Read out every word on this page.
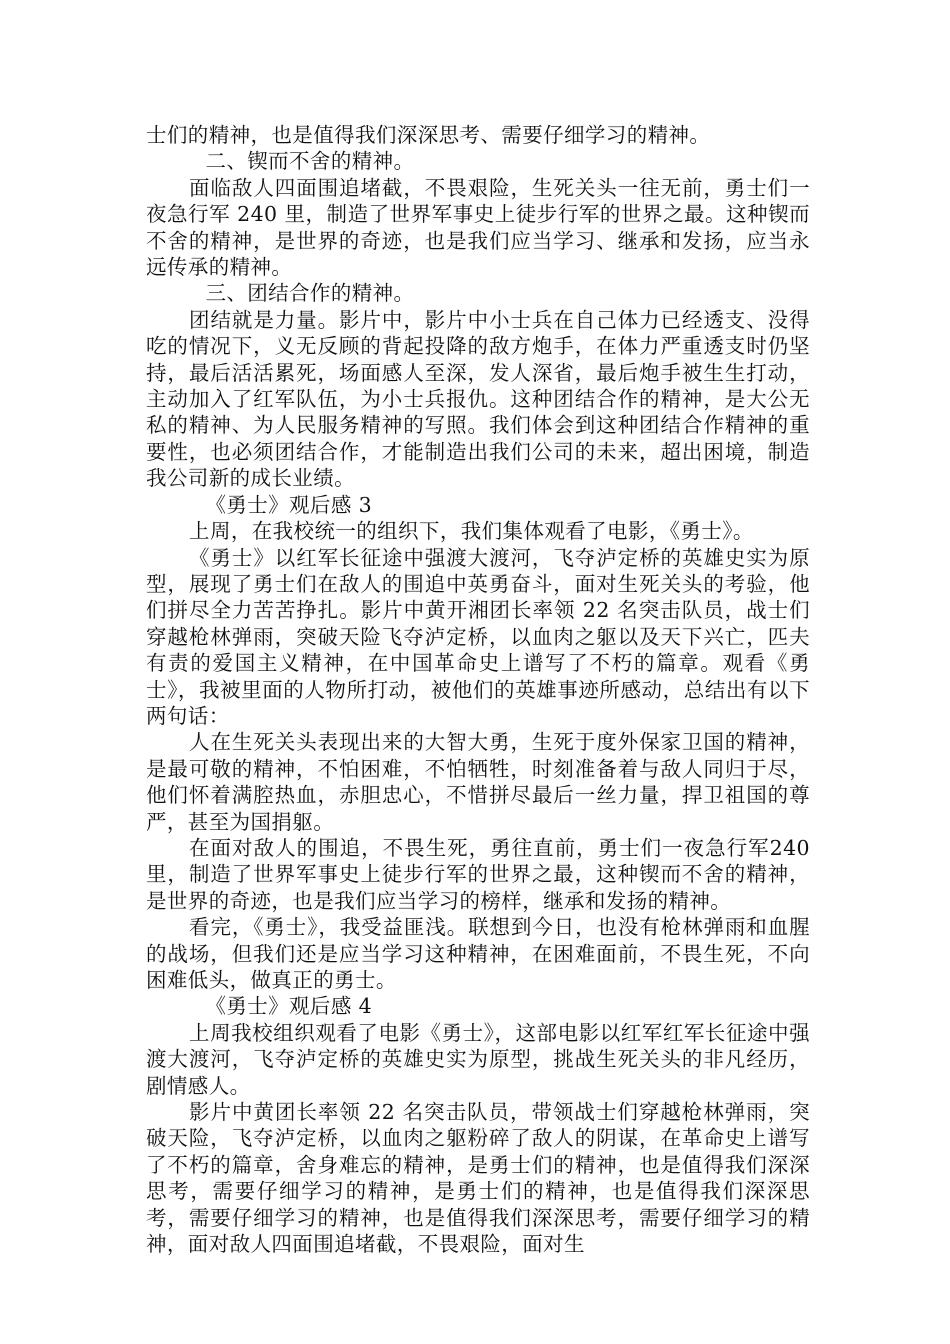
士们的精神，也是值得我们深深思考、需要仔细学习的精神。

二、锲而不舍的精神。

面临敌人四面围追堵截，不畏艰险，生死关头一往无前，勇士们一夜急行军 240 里，制造了世界军事史上徒步行军的世界之最。这种锲而不舍的精神，是世界的奇迹，也是我们应当学习、继承和发扬，应当永远传承的精神。

三、团结合作的精神。

团结就是力量。影片中，影片中小士兵在自己体力已经透支、没得吃的情况下，义无反顾的背起投降的敌方炮手，在体力严重透支时仍坚持，最后活活累死，场面感人至深，发人深省，最后炮手被生生打动，主动加入了红军队伍，为小士兵报仇。这种团结合作的精神，是大公无私的精神、为人民服务精神的写照。我们体会到这种团结合作精神的重要性，也必须团结合作，才能制造出我们公司的未来，超出困境，制造我公司新的成长业绩。

《勇士》观后感 3

上周，在我校统一的组织下，我们集体观看了电影，《勇士》。

《勇士》以红军长征途中强渡大渡河，飞夺泸定桥的英雄史实为原型，展现了勇士们在敌人的围追中英勇奋斗，面对生死关头的考验，他们拼尽全力苦苦挣扎。影片中黄开湘团长率领 22 名突击队员，战士们穿越枪林弹雨，突破天险飞夺泸定桥，以血肉之躯以及天下兴亡，匹夫有责的爱国主义精神，在中国革命史上谱写了不朽的篇章。观看《勇士》，我被里面的人物所打动，被他们的英雄事迹所感动，总结出有以下两句话：

人在生死关头表现出来的大智大勇，生死于度外保家卫国的精神，是最可敬的精神，不怕困难，不怕牺牲，时刻准备着与敌人同归于尽，他们怀着满腔热血，赤胆忠心，不惜拼尽最后一丝力量，捍卫祖国的尊严，甚至为国捐躯。

在面对敌人的围追，不畏生死，勇往直前，勇士们一夜急行军240 里，制造了世界军事史上徒步行军的世界之最，这种锲而不舍的精神，是世界的奇迹，也是我们应当学习的榜样，继承和发扬的精神。

看完，《勇士》，我受益匪浅。联想到今日，也没有枪林弹雨和血腥的战场，但我们还是应当学习这种精神，在困难面前，不畏生死，不向困难低头，做真正的勇士。

《勇士》观后感 4

上周我校组织观看了电影《勇士》，这部电影以红军红军长征途中强渡大渡河，飞夺泸定桥的英雄史实为原型，挑战生死关头的非凡经历，剧情感人。

影片中黄团长率领 22 名突击队员，带领战士们穿越枪林弹雨，突破天险，飞夺泸定桥，以血肉之躯粉碎了敌人的阴谋，在革命史上谱写了不朽的篇章，舍身难忘的精神，是勇士们的精神，也是值得我们深深思考，需要仔细学习的精神，是勇士们的精神，也是值得我们深深思考，需要仔细学习的精神，也是值得我们深深思考，需要仔细学习的精神，面对敌人四面围追堵截，不畏艰险，面对生
